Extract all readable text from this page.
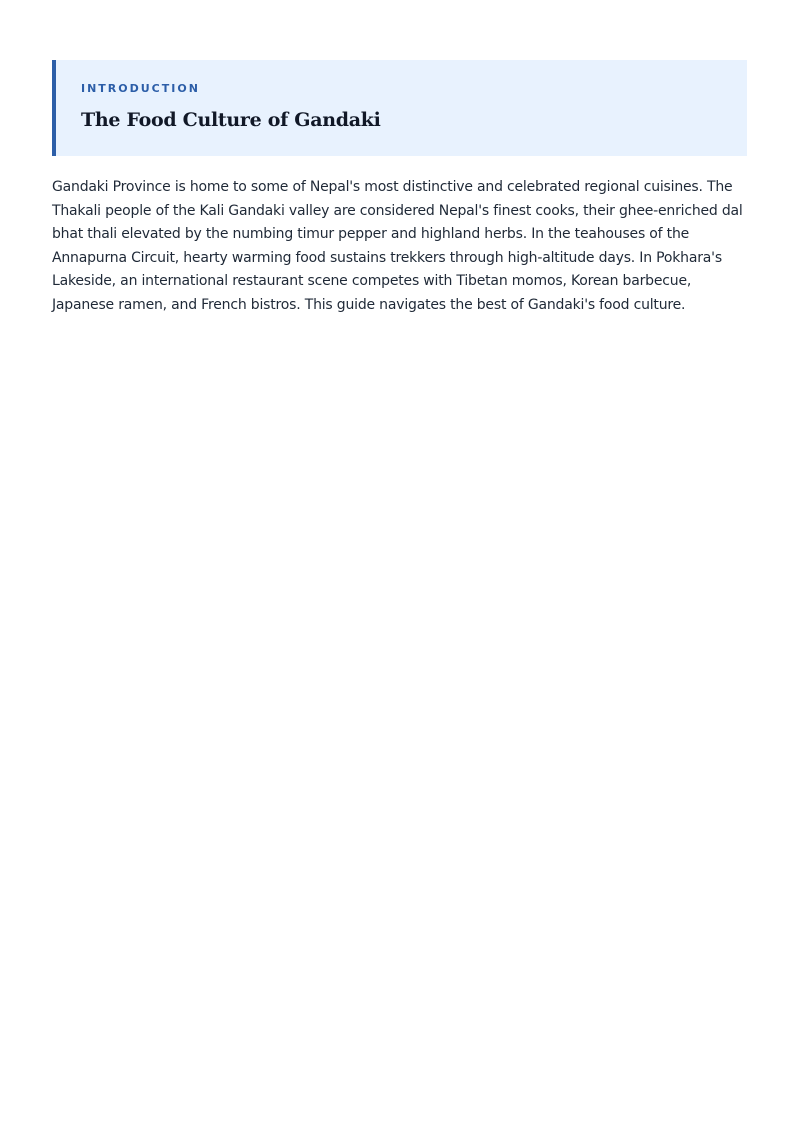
INTRODUCTION
The Food Culture of Gandaki

Gandaki Province is home to some of Nepal's most distinctive and celebrated regional cuisines. The Thakali people of the Kali Gandaki valley are considered Nepal's finest cooks, their ghee-enriched dal bhat thali elevated by the numbing timur pepper and highland herbs. In the teahouses of the Annapurna Circuit, hearty warming food sustains trekkers through high-altitude days. In Pokhara's Lakeside, an international restaurant scene competes with Tibetan momos, Korean barbecue, Japanese ramen, and French bistros. This guide navigates the best of Gandaki's food culture.
